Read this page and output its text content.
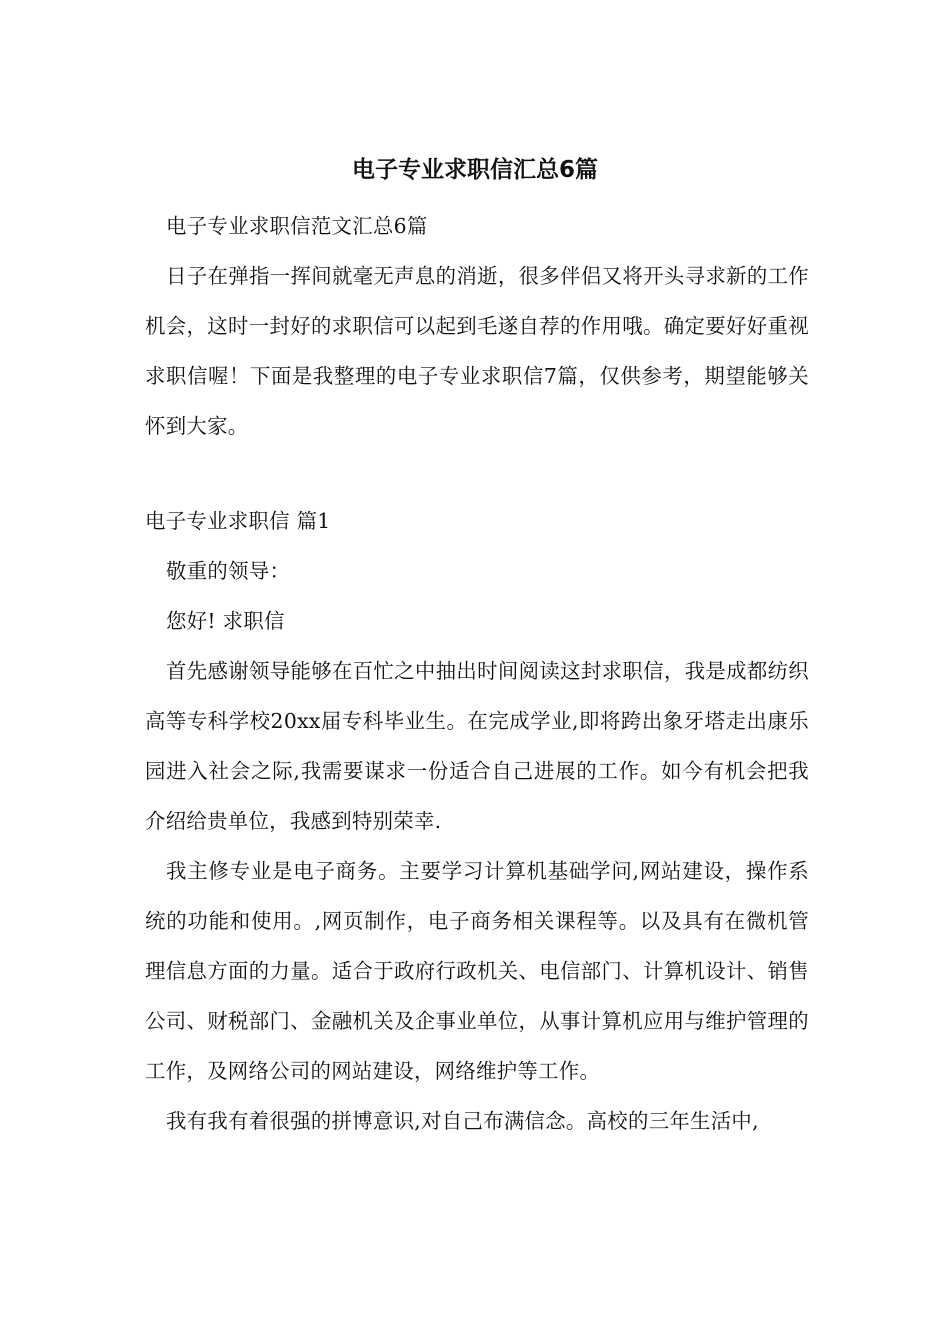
电子专业求职信汇总6篇

电子专业求职信范文汇总6篇

日子在弹指一挥间就毫无声息的消逝，很多伴侣又将开头寻求新的工作机会，这时一封好的求职信可以起到毛遂自荐的作用哦。确定要好好重视求职信喔！下面是我整理的电子专业求职信7篇，仅供参考，期望能够关怀到大家。

电子专业求职信 篇1

敬重的领导：

您好! 求职信

首先感谢领导能够在百忙之中抽出时间阅读这封求职信，我是成都纺织高等专科学校20xx届专科毕业生。在完成学业,即将跨出象牙塔走出康乐园进入社会之际,我需要谋求一份适合自己进展的工作。如今有机会把我介绍给贵单位，我感到特别荣幸.

我主修专业是电子商务。主要学习计算机基础学问,网站建设，操作系统的功能和使用。,网页制作，电子商务相关课程等。以及具有在微机管理信息方面的力量。适合于政府行政机关、电信部门、计算机设计、销售公司、财税部门、金融机关及企事业单位，从事计算机应用与维护管理的工作，及网络公司的网站建设，网络维护等工作。

我有我有着很强的拼博意识,对自己布满信念。高校的三年生活中,
